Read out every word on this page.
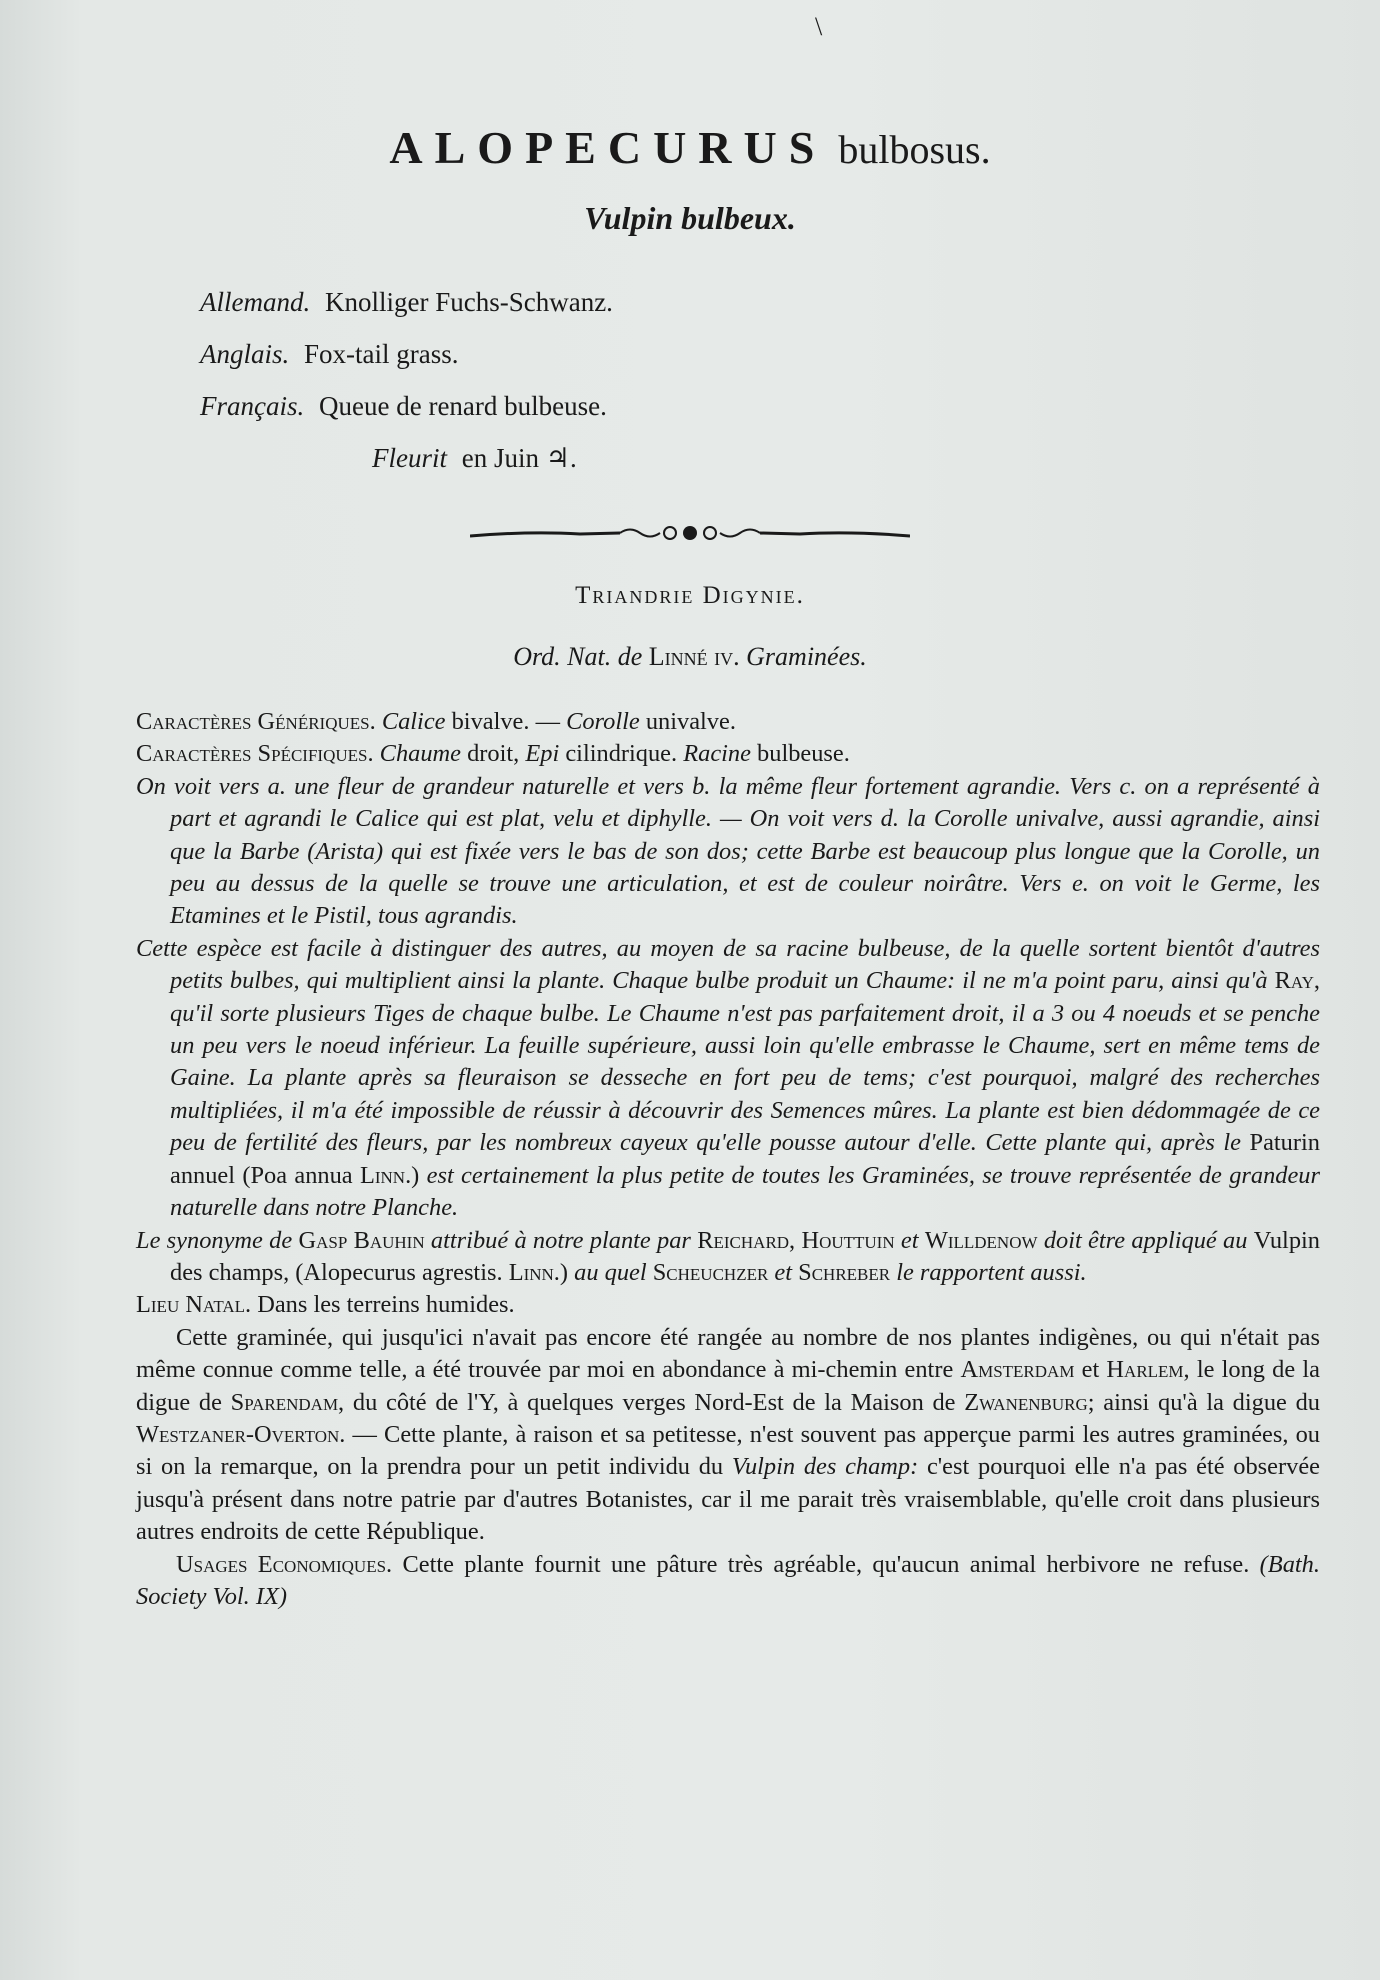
\
ALOPECURUS bulbosus.
Vulpin bulbeux.
Allemand. Knolliger Fuchs-Schwanz.
Anglais. Fox-tail grass.
Français. Queue de renard bulbeuse.
Fleurit en Juin ♃.
Triandrie Digynie.
Ord. Nat. de Linné iv. Graminées.

Caractères Génériques. Calice bivalve. — Corolle univalve.

Caractères Spécifiques. Chaume droit, Epi cilindrique. Racine bulbeuse.

On voit vers a. une fleur de grandeur naturelle et vers b. la même fleur fortement agrandie. Vers c. on a représenté à part et agrandi le Calice qui est plat, velu et diphylle. — On voit vers d. la Corolle univalve, aussi agrandie, ainsi que la Barbe (Arista) qui est fixée vers le bas de son dos; cette Barbe est beaucoup plus longue que la Corolle, un peu au dessus de la quelle se trouve une articulation, et est de couleur noirâtre. Vers e. on voit le Germe, les Etamines et le Pistil, tous agrandis.

Cette espèce est facile à distinguer des autres, au moyen de sa racine bulbeuse, de la quelle sortent bientôt d'autres petits bulbes, qui multiplient ainsi la plante. Chaque bulbe produit un Chaume: il ne m'a point paru, ainsi qu'à Ray, qu'il sorte plusieurs Tiges de chaque bulbe. Le Chaume n'est pas parfaitement droit, il a 3 ou 4 noeuds et se penche un peu vers le noeud inférieur. La feuille supérieure, aussi loin qu'elle embrasse le Chaume, sert en même tems de Gaine. La plante après sa fleuraison se desseche en fort peu de tems; c'est pourquoi, malgré des recherches multipliées, il m'a été impossible de réussir à découvrir des Semences mûres. La plante est bien dédommagée de ce peu de fertilité des fleurs, par les nombreux cayeux qu'elle pousse autour d'elle. Cette plante qui, après le Paturin annuel (Poa annua Linn.) est certainement la plus petite de toutes les Graminées, se trouve représentée de grandeur naturelle dans notre Planche.

Le synonyme de Gasp Bauhin attribué à notre plante par Reichard, Houttuin et Willdenow doit être appliqué au Vulpin des champs, (Alopecurus agrestis. Linn.) au quel Scheuchzer et Schreber le rapportent aussi.

Lieu Natal. Dans les terreins humides.

Cette graminée, qui jusqu'ici n'avait pas encore été rangée au nombre de nos plantes indigènes, ou qui n'était pas même connue comme telle, a été trouvée par moi en abondance à mi-chemin entre Amsterdam et Harlem, le long de la digue de Sparendam, du côté de l'Y, à quelques verges Nord-Est de la Maison de Zwanenburg; ainsi qu'à la digue du Westzaner-Overton. — Cette plante, à raison et sa petitesse, n'est souvent pas apperçue parmi les autres graminées, ou si on la remarque, on la prendra pour un petit individu du Vulpin des champ: c'est pourquoi elle n'a pas été observée jusqu'à présent dans notre patrie par d'autres Botanistes, car il me parait très vraisemblable, qu'elle croit dans plusieurs autres endroits de cette République.

Usages Economiques. Cette plante fournit une pâture très agréable, qu'aucun animal herbivore ne refuse. (Bath. Society Vol. IX)
